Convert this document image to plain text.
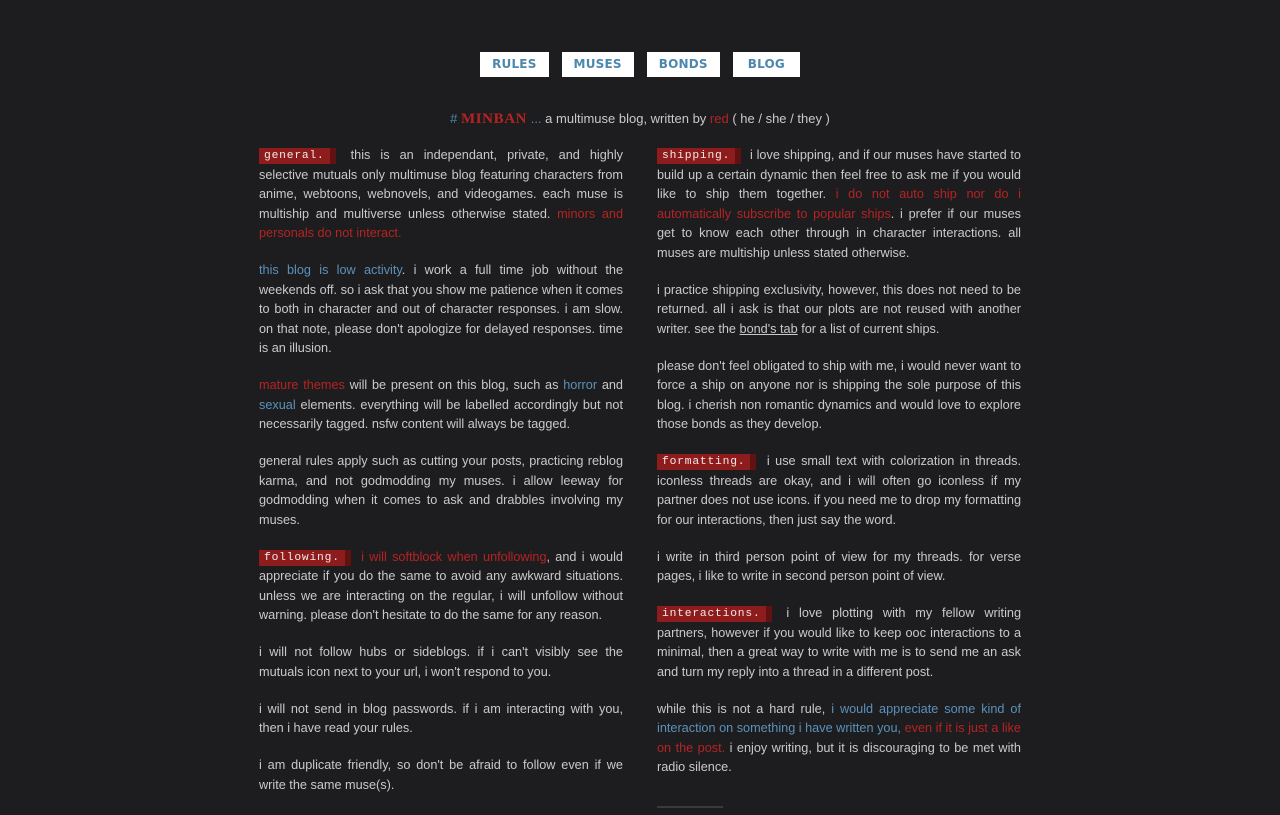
RULES	MUSES	BONDS	BLOG
# MINBAN ... a multimuse blog, written by red ( he / she / they )

general. this is an independant, private, and highly selective mutuals only multimuse blog featuring characters from anime, webtoons, webnovels, and videogames. each muse is multiship and multiverse unless otherwise stated. minors and personals do not interact.

this blog is low activity. i work a full time job without the weekends off. so i ask that you show me patience when it comes to both in character and out of character responses. i am slow. on that note, please don't apologize for delayed responses. time is an illusion.

mature themes will be present on this blog, such as horror and sexual elements. everything will be labelled accordingly but not necessarily tagged. nsfw content will always be tagged.

general rules apply such as cutting your posts, practicing reblog karma, and not godmodding my muses. i allow leeway for godmodding when it comes to ask and drabbles involving my muses.

following. i will softblock when unfollowing, and i would appreciate if you do the same to avoid any awkward situations. unless we are interacting on the regular, i will unfollow without warning. please don't hesitate to do the same for any reason.

i will not follow hubs or sideblogs. if i can't visibly see the mutuals icon next to your url, i won't respond to you.

i will not send in blog passwords. if i am interacting with you, then i have read your rules.

i am duplicate friendly, so don't be afraid to follow even if we write the same muse(s).

shipping. i love shipping, and if our muses have started to build up a certain dynamic then feel free to ask me if you would like to ship them together. i do not auto ship nor do i automatically subscribe to popular ships. i prefer if our muses get to know each other through in character interactions. all muses are multiship unless stated otherwise.

i practice shipping exclusivity, however, this does not need to be returned. all i ask is that our plots are not reused with another writer. see the bond's tab for a list of current ships.

please don't feel obligated to ship with me, i would never want to force a ship on anyone nor is shipping the sole purpose of this blog. i cherish non romantic dynamics and would love to explore those bonds as they develop.

formatting. i use small text with colorization in threads. iconless threads are okay, and i will often go iconless if my partner does not use icons. if you need me to drop my formatting for our interactions, then just say the word.

i write in third person point of view for my threads. for verse pages, i like to write in second person point of view.

interactions. i love plotting with my fellow writing partners, however if you would like to keep ooc interactions to a minimal, then a great way to write with me is to send me an ask and turn my reply into a thread in a different post.

while this is not a hard rule, i would appreciate some kind of interaction on something i have written you, even if it is just a like on the post. i enjoy writing, but it is discouraging to be met with radio silence.
